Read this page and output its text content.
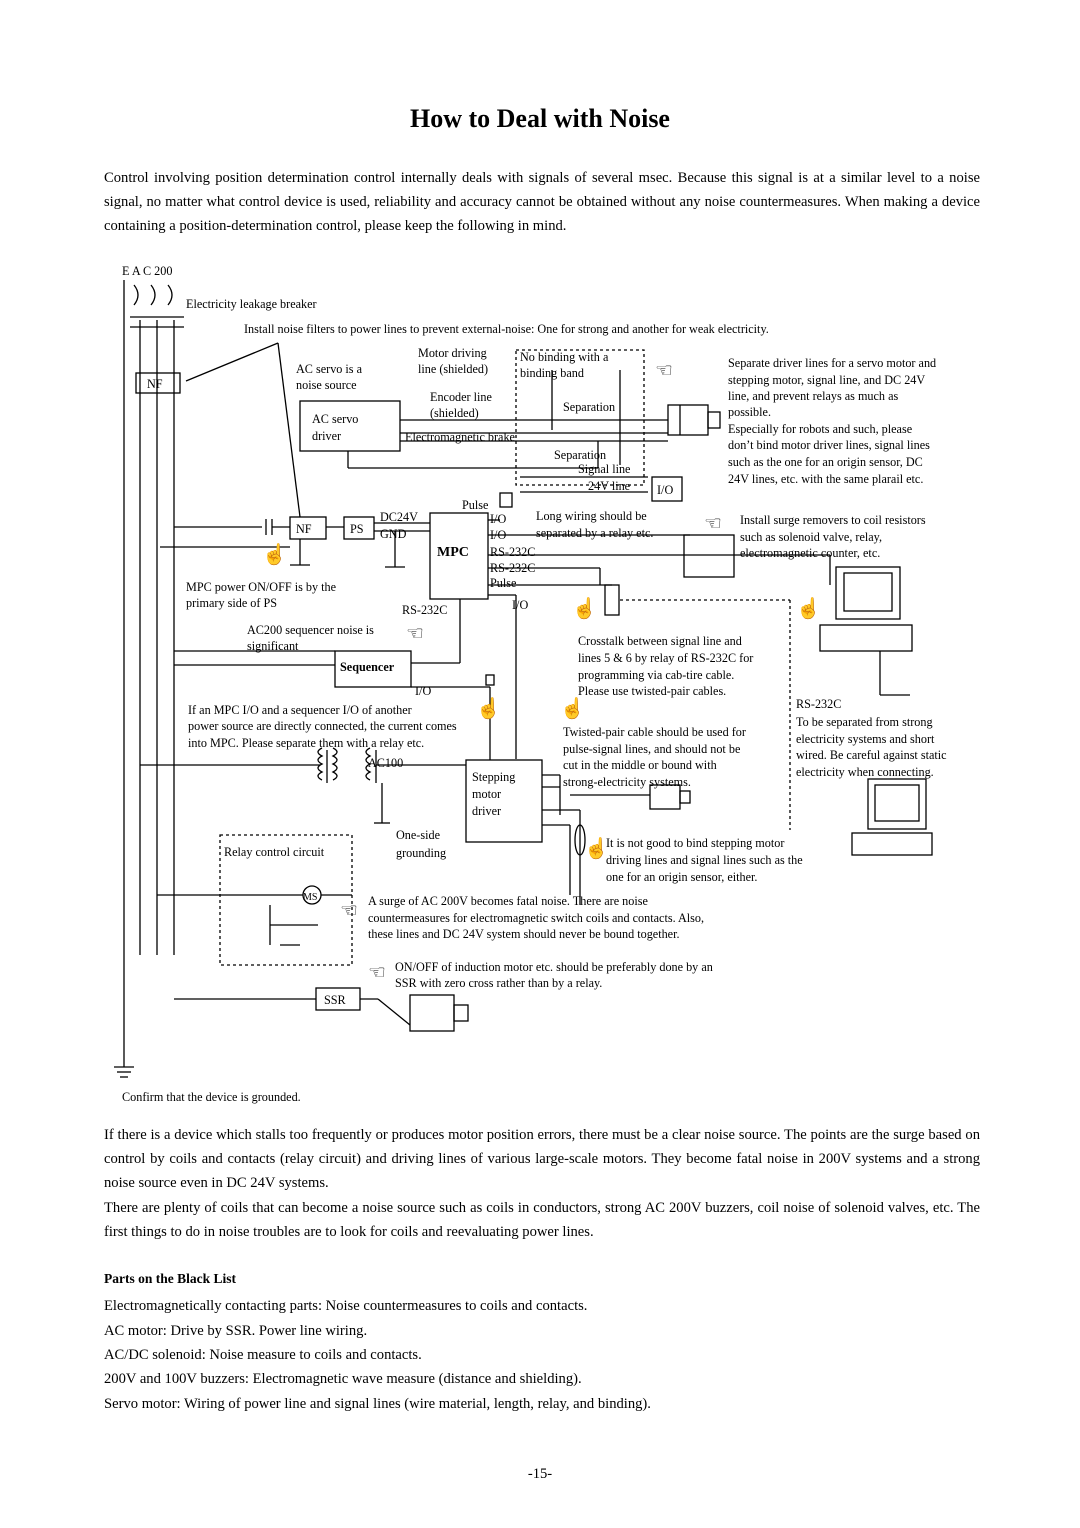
How to Deal with Noise

Control involving position determination control internally deals with signals of several msec. Because this signal is at a similar level to a noise signal, no matter what control device is used, reliability and accuracy cannot be obtained without any noise countermeasures. When making a device containing a position-determination control, please keep the following in mind.

E A C 200
Electricity leakage breaker
Install noise filters to power lines to prevent external-noise: One for strong and another for weak electricity.
NF
AC servo is a
noise source
AC servo
driver
Motor driving
line (shielded)
Encoder line
(shielded)
Electromagnetic brake
No binding with a
binding band
Separation
Separation
Signal line
24V line I/O
Separate driver lines for a servo motor and
stepping motor, signal line, and DC 24V
line, and prevent relays as much as
possible.
Especially for robots and such, please
don’t bind motor driver lines, signal lines
such as the one for an origin sensor, DC
24V lines, etc. with the same plarail etc.
Pulse
DC24V
GND
NF	PS
MPC
I/O
I/O
RS-232C
RS-232C
Pulse
I/O
RS-232C
Long wiring should be
separated by a relay etc.
Install surge removers to coil resistors
such as solenoid valve, relay,
electromagnetic counter, etc.
MPC power ON/OFF is by the
primary side of PS
AC200 sequencer noise is
significant
Sequencer
I/O
Crosstalk between signal line and
lines 5 & 6 by relay of RS-232C for
programming via cab-tire cable.
Please use twisted-pair cables.
If an MPC I/O and a sequencer I/O of another
power source are directly connected, the current comes
into MPC. Please separate them with a relay etc.
RS-232C
To be separated from strong
electricity systems and short
wired. Be careful against static
electricity when connecting.
Twisted-pair cable should be used for
pulse-signal lines, and should not be
cut in the middle or bound with
strong-electricity systems.
AC100
Stepping
motor
driver
One-side
grounding
Relay control circuit
MS
It is not good to bind stepping motor
driving lines and signal lines such as the
one for an origin sensor, either.
A surge of AC 200V becomes fatal noise. There are noise
countermeasures for electromagnetic switch coils and contacts. Also,
these lines and DC 24V system should never be bound together.
ON/OFF of induction motor etc. should be preferably done by an
SSR with zero cross rather than by a relay.
SSR
Confirm that the device is grounded.
☜
☜
☜
☝
☝	☝
☝	☝
☝
☜
☜

If there is a device which stalls too frequently or produces motor position errors, there must be a clear noise source. The points are the surge based on control by coils and contacts (relay circuit) and driving lines of various large-scale motors. They become fatal noise in 200V systems and a strong noise source even in DC 24V systems.

There are plenty of coils that can become a noise source such as coils in conductors, strong AC 200V buzzers, coil noise of solenoid valves, etc. The first things to do in noise troubles are to look for coils and reevaluating power lines.

Parts on the Black List
Electromagnetically contacting parts: Noise countermeasures to coils and contacts.
AC motor: Drive by SSR. Power line wiring.
AC/DC solenoid: Noise measure to coils and contacts.
200V and 100V buzzers: Electromagnetic wave measure (distance and shielding).
Servo motor: Wiring of power line and signal lines (wire material, length, relay, and binding).
-15-
